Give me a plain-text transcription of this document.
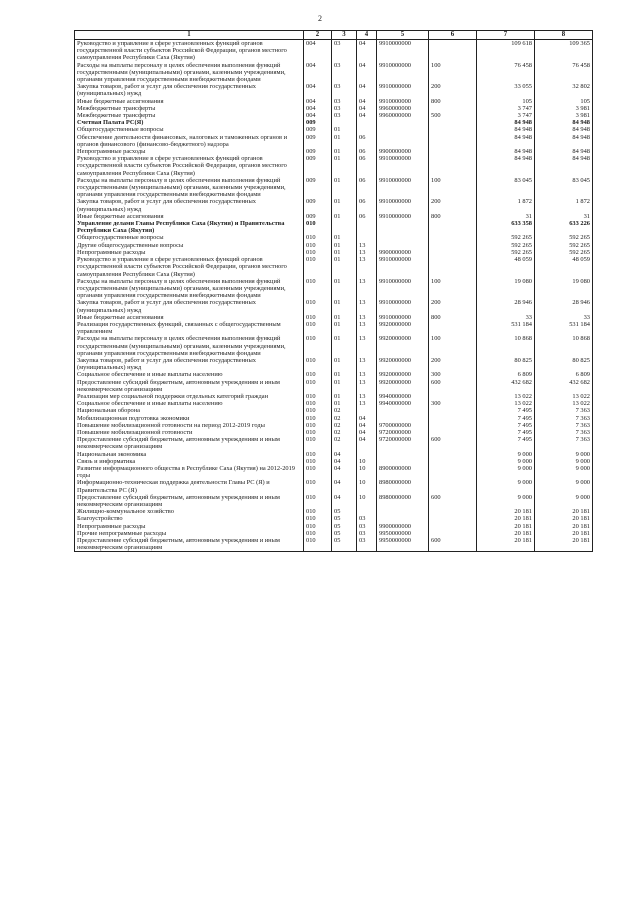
2
1	2	3	4	5	6	7	8
Руководство и управление в сфере установленных функций органов государственной власти субъектов Российской Федерации, органов местного самоуправления Республики Саха (Якутия)	004	03	04	9910000000		109 618	109 365
Расходы на выплаты персоналу в целях обеспечения выполнения функций государственными (муниципальными) органами, казенными учреждениями, органами управления государственными внебюджетными фондами	004	03	04	9910000000	100	76 458	76 458
Закупка товаров, работ и услуг для обеспечения государственных (муниципальных) нужд	004	03	04	9910000000	200	33 055	32 802
Иные бюджетные ассигнования	004	03	04	9910000000	800	105	105
Межбюджетные трансферты	004	03	04	9960000000		3 747	3 981
Межбюджетные трансферты	004	03	04	9960000000	500	3 747	3 981
Счетная Палата РС(Я)	009					84 948	84 948
Общегосударственные вопросы	009	01				84 948	84 948
Обеспечение деятельности финансовых, налоговых и таможенных органов и органов финансового (финансово-бюджетного) надзора	009	01	06			84 948	84 948
Непрограммные расходы	009	01	06	9900000000		84 948	84 948
Руководство и управление в сфере установленных функций органов государственной власти субъектов Российской Федерации, органов местного самоуправления Республики Саха (Якутия)	009	01	06	9910000000		84 948	84 948
Расходы на выплаты персоналу в целях обеспечения выполнения функций государственными (муниципальными) органами, казенными учреждениями, органами управления государственными внебюджетными фондами	009	01	06	9910000000	100	83 045	83 045
Закупка товаров, работ и услуг для обеспечения государственных (муниципальных) нужд	009	01	06	9910000000	200	1 872	1 872
Иные бюджетные ассигнования	009	01	06	9910000000	800	31	31
Управление делами Главы Республики Саха (Якутия) и Правительства Республики Саха (Якутия)	010					633 358	633 226
Общегосударственные вопросы	010	01				592 265	592 265
Другие общегосударственные вопросы	010	01	13			592 265	592 265
Непрограммные расходы	010	01	13	9900000000		592 265	592 265
Руководство и управление в сфере установленных функций органов государственной власти субъектов Российской Федерации, органов местного самоуправления Республики Саха (Якутия)	010	01	13	9910000000		48 059	48 059
Расходы на выплаты персоналу в целях обеспечения выполнения функций государственными (муниципальными) органами, казенными учреждениями, органами управления государственными внебюджетными фондами	010	01	13	9910000000	100	19 080	19 080
Закупка товаров, работ и услуг для обеспечения государственных (муниципальных) нужд	010	01	13	9910000000	200	28 946	28 946
Иные бюджетные ассигнования	010	01	13	9910000000	800	33	33
Реализация государственных функций, связанных с общегосударственным управлением	010	01	13	9920000000		531 184	531 184
Расходы на выплаты персоналу в целях обеспечения выполнения функций государственными (муниципальными) органами, казенными учреждениями, органами управления государственными внебюджетными фондами	010	01	13	9920000000	100	10 868	10 868
Закупка товаров, работ и услуг для обеспечения государственных (муниципальных) нужд	010	01	13	9920000000	200	80 825	80 825
Социальное обеспечение и иные выплаты населению	010	01	13	9920000000	300	6 809	6 809
Предоставление субсидий бюджетным, автономным учреждениям и иным некоммерческим организациям	010	01	13	9920000000	600	432 682	432 682
Реализация мер социальной поддержки отдельных категорий граждан	010	01	13	9940000000		13 022	13 022
Социальное обеспечение и иные выплаты населению	010	01	13	9940000000	300	13 022	13 022
Национальная оборона	010	02				7 495	7 363
Мобилизационная подготовка экономики	010	02	04			7 495	7 363
Повышение мобилизационной готовности на период 2012-2019 годы	010	02	04	9700000000		7 495	7 363
Повышение мобилизационной готовности	010	02	04	9720000000		7 495	7 363
Предоставление субсидий бюджетным, автономным учреждениям и иным некоммерческим организациям	010	02	04	9720000000	600	7 495	7 363
Национальная экономика	010	04				9 000	9 000
Связь и информатика	010	04	10			9 000	9 000
Развитие информационного общества в Республике Саха (Якутия) на 2012-2019 годы	010	04	10	8900000000		9 000	9 000
Информационно-техническая поддержка деятельности Главы РС (Я) и Правительства РС (Я)	010	04	10	8980000000		9 000	9 000
Предоставление субсидий бюджетным, автономным учреждениям и иным некоммерческим организациям	010	04	10	8980000000	600	9 000	9 000
Жилищно-коммунальное хозяйство	010	05				20 181	20 181
Благоустройство	010	05	03			20 181	20 181
Непрограммные расходы	010	05	03	9900000000		20 181	20 181
Прочие непрограммные расходы	010	05	03	9950000000		20 181	20 181
Предоставление субсидий бюджетным, автономным учреждениям и иным некоммерческим организациям	010	05	03	9950000000	600	20 181	20 181
